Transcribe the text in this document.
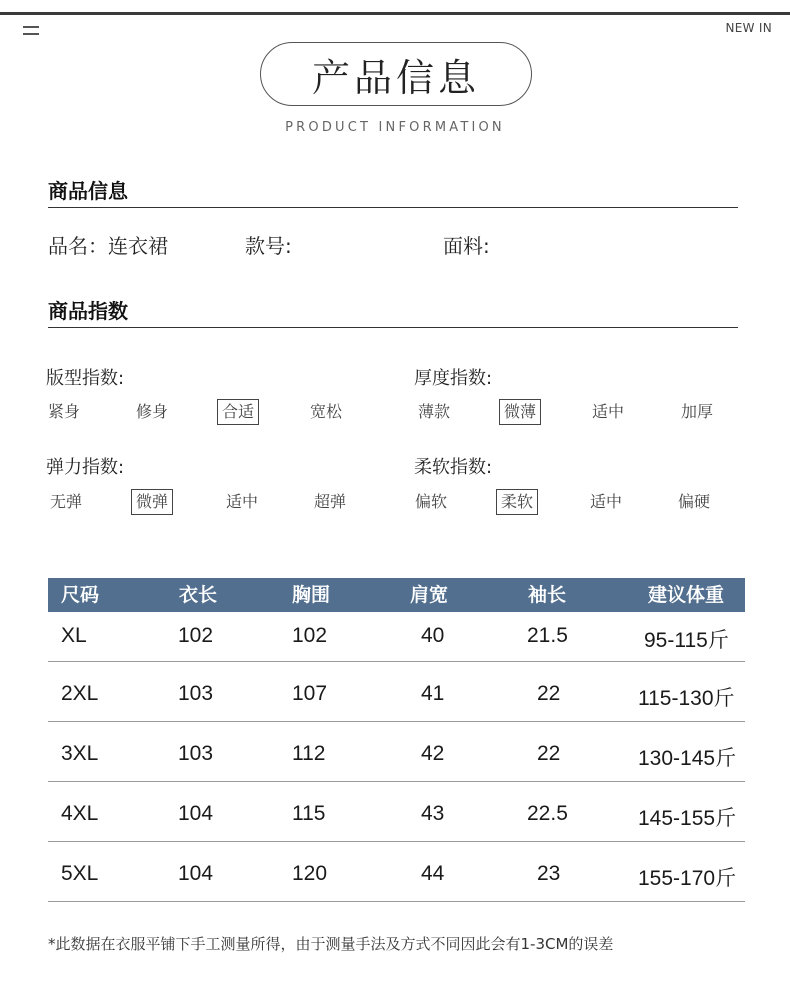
NEW IN
产品信息
PRODUCT INFORMATION
商品信息
品名：连衣裙	款号:	面料:
商品指数
版型指数:	厚度指数:
弹力指数:	柔软指数:
紧身	修身	合适	宽松	薄款	微薄	适中	加厚
无弹	微弹	适中	超弹	偏软	柔软	适中	偏硬
尺码	衣长	胸围	肩宽	袖长	建议体重
XL	102	102	40	21.5	95-115斤
2XL	103	107	41	22	115-130斤
3XL	103	112	42	22	130-145斤
4XL	104	115	43	22.5	145-155斤
5XL	104	120	44	23	155-170斤
*此数据在衣服平铺下手工测量所得，由于测量手法及方式不同因此会有1-3CM的误差
